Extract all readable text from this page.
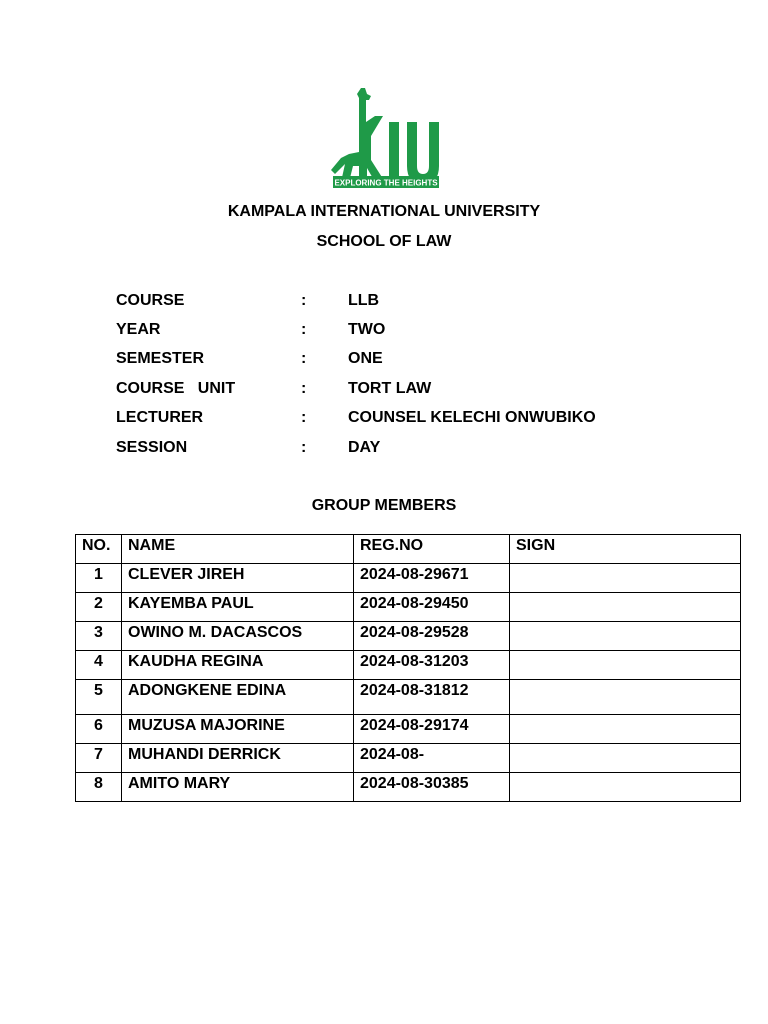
EXPLORING THE HEIGHTS

KAMPALA INTERNATIONAL UNIVERSITY

SCHOOL OF LAW

COURSE	:	LLB
YEAR	:	TWO
SEMESTER	:	ONE
COURSE   UNIT	:	TORT LAW
LECTURER	:	COUNSEL KELECHI ONWUBIKO
SESSION	:	DAY

GROUP MEMBERS

NO.	NAME	REG.NO	SIGN
1	CLEVER JIREH	2024-08-29671	
2	KAYEMBA PAUL	2024-08-29450	
3	OWINO M. DACASCOS	2024-08-29528	
4	KAUDHA REGINA	2024-08-31203	
5	ADONGKENE EDINA	2024-08-31812	
6	MUZUSA MAJORINE	2024-08-29174	
7	MUHANDI DERRICK	2024-08-	
8	AMITO MARY	2024-08-30385	
